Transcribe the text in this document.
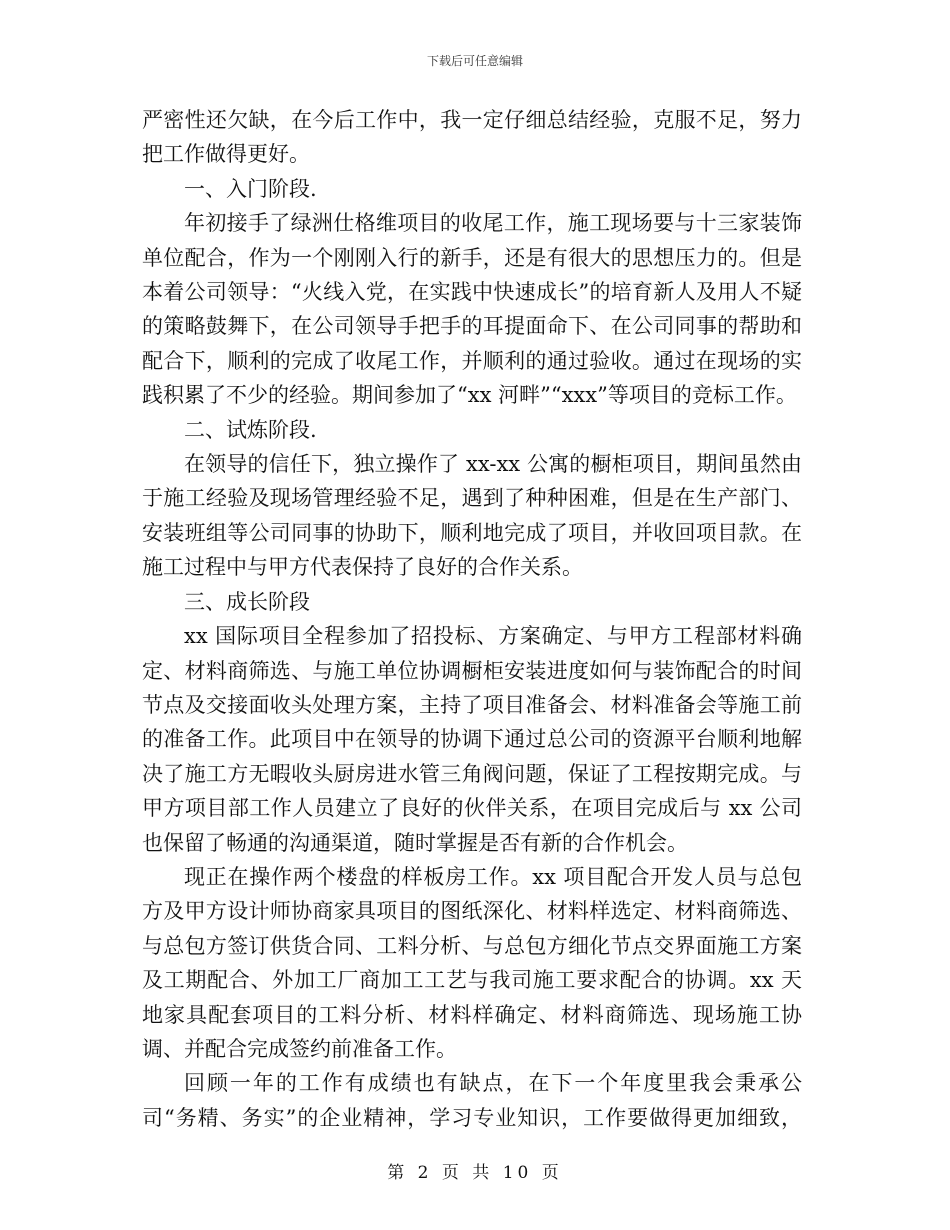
下载后可任意编辑

严密性还欠缺，在今后工作中，我一定仔细总结经验，克服不足，努力把工作做得更好。

一、入门阶段.

年初接手了绿洲仕格维项目的收尾工作，施工现场要与十三家装饰单位配合，作为一个刚刚入行的新手，还是有很大的思想压力的。但是本着公司领导：“火线入党，在实践中快速成长”的培育新人及用人不疑的策略鼓舞下，在公司领导手把手的耳提面命下、在公司同事的帮助和配合下，顺利的完成了收尾工作，并顺利的通过验收。通过在现场的实践积累了不少的经验。期间参加了“xx 河畔”“xxx”等项目的竞标工作。

二、试炼阶段.

在领导的信任下，独立操作了 xx-xx 公寓的橱柜项目，期间虽然由于施工经验及现场管理经验不足，遇到了种种困难，但是在生产部门、安装班组等公司同事的协助下，顺利地完成了项目，并收回项目款。在施工过程中与甲方代表保持了良好的合作关系。

三、成长阶段

xx 国际项目全程参加了招投标、方案确定、与甲方工程部材料确定、材料商筛选、与施工单位协调橱柜安装进度如何与装饰配合的时间节点及交接面收头处理方案，主持了项目准备会、材料准备会等施工前的准备工作。此项目中在领导的协调下通过总公司的资源平台顺利地解决了施工方无暇收头厨房进水管三角阀问题，保证了工程按期完成。与甲方项目部工作人员建立了良好的伙伴关系，在项目完成后与 xx 公司也保留了畅通的沟通渠道，随时掌握是否有新的合作机会。

现正在操作两个楼盘的样板房工作。xx 项目配合开发人员与总包方及甲方设计师协商家具项目的图纸深化、材料样选定、材料商筛选、与总包方签订供货合同、工料分析、与总包方细化节点交界面施工方案及工期配合、外加工厂商加工工艺与我司施工要求配合的协调。xx 天地家具配套项目的工料分析、材料样确定、材料商筛选、现场施工协调、并配合完成签约前准备工作。

回顾一年的工作有成绩也有缺点，在下一个年度里我会秉承公司“务精、务实”的企业精神，学习专业知识，工作要做得更加细致，

第 2 页 共 10 页
